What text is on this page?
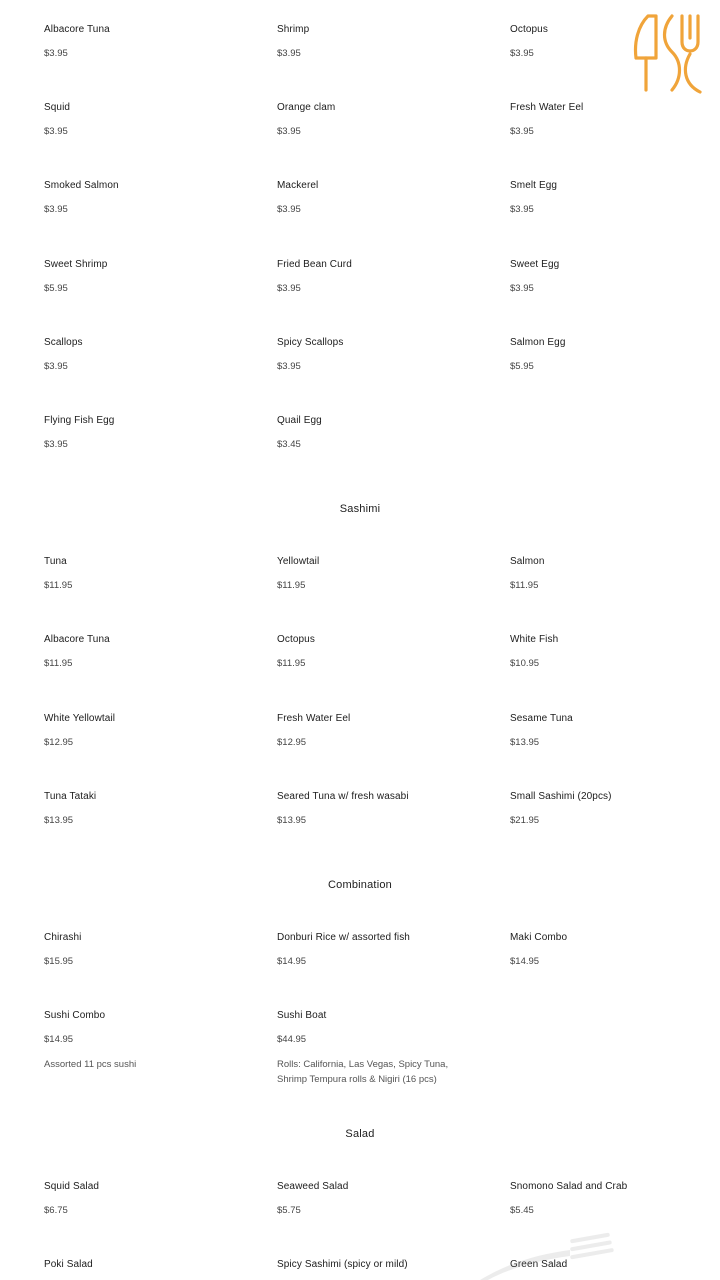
Albacore Tuna
$3.95
Shrimp
$3.95
Octopus
$3.95
Squid
$3.95
Orange clam
$3.95
Fresh Water Eel
$3.95
Smoked Salmon
$3.95
Mackerel
$3.95
Smelt Egg
$3.95
Sweet Shrimp
$5.95
Fried Bean Curd
$3.95
Sweet Egg
$3.95
Scallops
$3.95
Spicy Scallops
$3.95
Salmon Egg
$5.95
Flying Fish Egg
$3.95
Quail Egg
$3.45
Sashimi
Tuna
$11.95
Yellowtail
$11.95
Salmon
$11.95
Albacore Tuna
$11.95
Octopus
$11.95
White Fish
$10.95
White Yellowtail
$12.95
Fresh Water Eel
$12.95
Sesame Tuna
$13.95
Tuna Tataki
$13.95
Seared Tuna w/ fresh wasabi
$13.95
Small Sashimi (20pcs)
$21.95
Combination
Chirashi
$15.95
Donburi Rice w/ assorted fish
$14.95
Maki Combo
$14.95
Sushi Combo
$14.95
Assorted 11 pcs sushi
Sushi Boat
$44.95
Rolls: California, Las Vegas, Spicy Tuna, Shrimp Tempura rolls & Nigiri (16 pcs)
Salad
Squid Salad
$6.75
Seaweed Salad
$5.75
Snomono Salad and Crab
$5.45
Poki Salad	Spicy Sashimi (spicy or mild)	Green Salad
